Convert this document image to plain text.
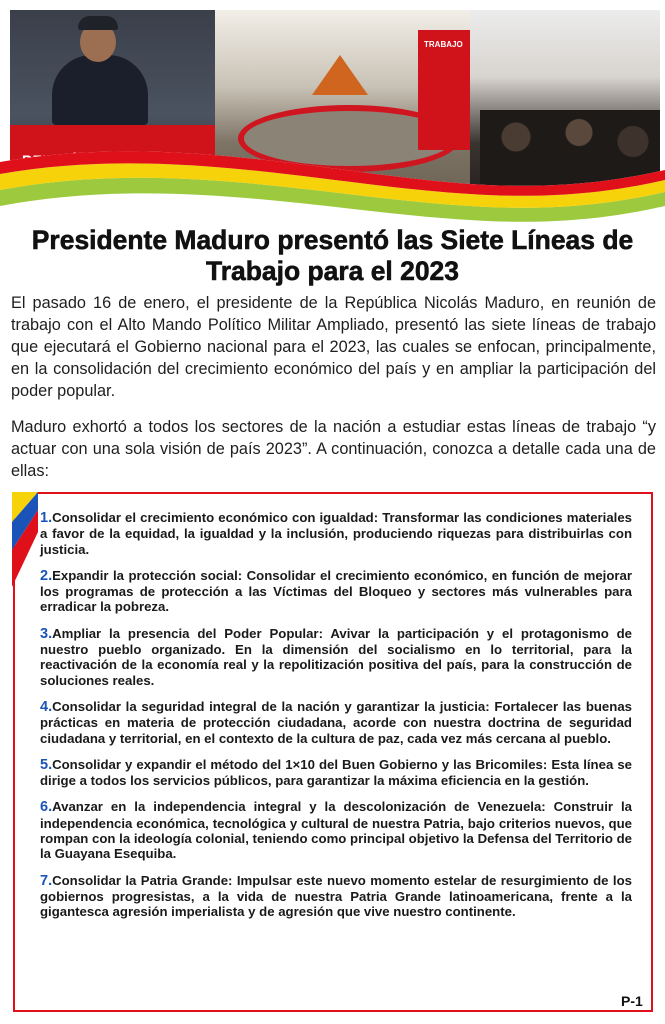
TRABAJO
Presidente Maduro presentó las Siete Líneas de Trabajo para el 2023

El pasado 16 de enero, el presidente de la República Nicolás Maduro, en reunión de trabajo con el Alto Mando Político Militar Ampliado, presentó las siete líneas de trabajo que ejecutará el Gobierno nacional para el 2023, las cuales se enfocan, principalmente, en la consolidación del crecimiento económico del país y en ampliar la participación del poder popular.

Maduro exhortó a todos los sectores de la nación a estudiar estas líneas de trabajo “y actuar con una sola visión de país 2023”. A continuación, conozca a detalle cada una de ellas:

1.Consolidar el crecimiento económico con igualdad: Transformar las condiciones materiales a favor de la equidad, la igualdad y la inclusión, produciendo riquezas para distribuirlas con justicia.
2.Expandir la protección social: Consolidar el crecimiento económico, en función de mejorar los programas de protección a las Víctimas del Bloqueo y sectores más vulnerables para erradicar la pobreza.
3.Ampliar la presencia del Poder Popular: Avivar la participación y el protagonismo de nuestro pueblo organizado. En la dimensión del socialismo en lo territorial, para la reactivación de la economía real y la repolitización positiva del país, para la construcción de soluciones reales.
4.Consolidar la seguridad integral de la nación y garantizar la justicia: Fortalecer las buenas prácticas en materia de protección ciudadana, acorde con nuestra doctrina de seguridad ciudadana y territorial, en el contexto de la cultura de paz, cada vez más cercana al pueblo.
5.Consolidar y expandir el método del 1×10 del Buen Gobierno y las Bricomiles: Esta línea se dirige a todos los servicios públicos, para garantizar la máxima eficiencia en la gestión.
6.Avanzar en la independencia integral y la descolonización de Venezuela: Construir la independencia económica, tecnológica y cultural de nuestra Patria, bajo criterios nuevos, que rompan con la ideología colonial, teniendo como principal objetivo la Defensa del Territorio de la Guayana Esequiba.
7.Consolidar la Patria Grande: Impulsar este nuevo momento estelar de resurgimiento de los gobiernos progresistas, a la vida de nuestra Patria Grande latinoamericana, frente a la gigantesca agresión imperialista y de agresión que vive nuestro continente.
P-1
